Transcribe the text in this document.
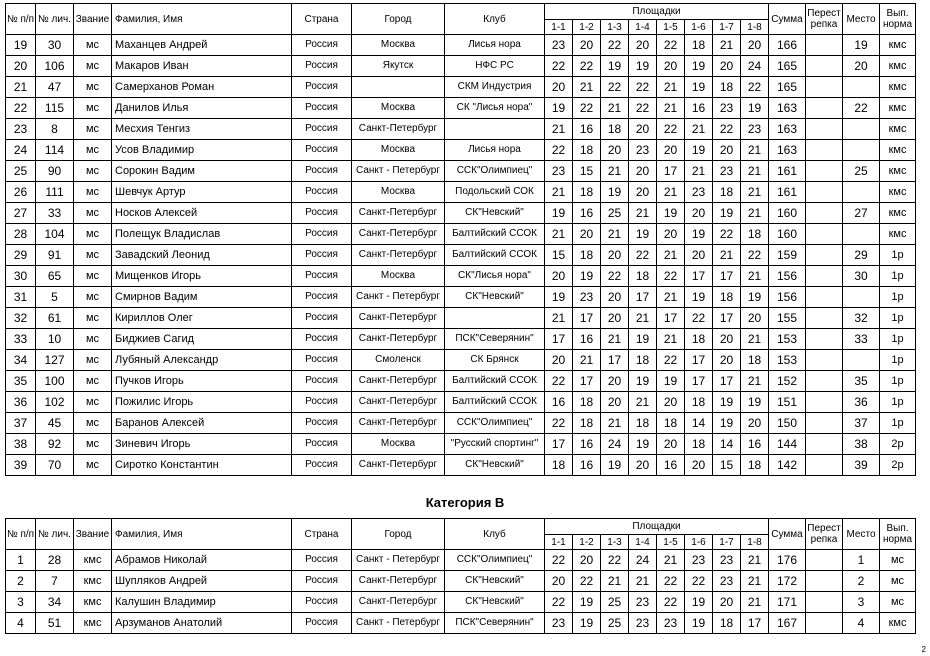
№ п/п	№ лич.	Звание	Фамилия, Имя	Страна	Город	Клуб	Площадки								Сумма	Перест репка	Место	Вып. норма
							1-1	1-2	1-3	1-4	1-5	1-6	1-7	1-8				
19	30	мс	Маханцев Андрей	Россия	Москва	Лисья нора	23	20	22	20	22	18	21	20	166		19	кмс
20	106	мс	Макаров Иван	Россия	Якутск	НФС РС	22	22	19	19	20	19	20	24	165		20	кмс
21	47	мс	Самерханов Роман	Россия		СКМ Индустрия	20	21	22	22	21	19	18	22	165			кмс
22	115	мс	Данилов Илья	Россия	Москва	СК "Лисья нора"	19	22	21	22	21	16	23	19	163		22	кмс
23	8	мс	Месхия Тенгиз	Россия	Санкт-Петербург		21	16	18	20	22	21	22	23	163			кмс
24	114	мс	Усов Владимир	Россия	Москва	Лисья нора	22	18	20	23	20	19	20	21	163			кмс
25	90	мс	Сорокин Вадим	Россия	Санкт - Петербург	ССК"Олимпиец"	23	15	21	20	17	21	23	21	161		25	кмс
26	111	мс	Шевчук Артур	Россия	Москва	Подольский СОК	21	18	19	20	21	23	18	21	161			кмс
27	33	мс	Носков Алексей	Россия	Санкт-Петербург	СК"Невский"	19	16	25	21	19	20	19	21	160		27	кмс
28	104	мс	Полещук Владислав	Россия	Санкт-Петербург	Балтийский ССОК	21	20	21	19	20	19	22	18	160			кмс
29	91	мс	Завадский Леонид	Россия	Санкт-Петербург	Балтийский ССОК	15	18	20	22	21	20	21	22	159		29	1р
30	65	мс	Мищенков Игорь	Россия	Москва	СК"Лисья нора"	20	19	22	18	22	17	17	21	156		30	1р
31	5	мс	Смирнов Вадим	Россия	Санкт - Петербург	СК"Невский"	19	23	20	17	21	19	18	19	156			1р
32	61	мс	Кириллов Олег	Россия	Санкт-Петербург		21	17	20	21	17	22	17	20	155		32	1р
33	10	мс	Биджиев Сагид	Россия	Санкт-Петербург	ПСК"Северянин"	17	16	21	19	21	18	20	21	153		33	1р
34	127	мс	Лубяный Александр	Россия	Смоленск	СК Брянск	20	21	17	18	22	17	20	18	153			1р
35	100	мс	Пучков Игорь	Россия	Санкт-Петербург	Балтийский ССОК	22	17	20	19	19	17	17	21	152		35	1р
36	102	мс	Пожилис Игорь	Россия	Санкт-Петербург	Балтийский ССОК	16	18	20	21	20	18	19	19	151		36	1р
37	45	мс	Баранов Алексей	Россия	Санкт-Петербург	ССК"Олимпиец"	22	18	21	18	18	14	19	20	150		37	1р
38	92	мс	Зиневич Игорь	Россия	Москва	"Русский спортинг"	17	16	24	19	20	18	14	16	144		38	2р
39	70	мс	Сиротко Константин	Россия	Санкт-Петербург	СК"Невский"	18	16	19	20	16	20	15	18	142		39	2р
Категория В
№ п/п	№ лич.	Звание	Фамилия, Имя	Страна	Город	Клуб	Площадки								Сумма	Перест репка	Место	Вып. норма
							1-1	1-2	1-3	1-4	1-5	1-6	1-7	1-8				
1	28	кмс	Абрамов Николай	Россия	Санкт - Петербург	ССК"Олимпиец"	22	20	22	24	21	23	23	21	176		1	мс
2	7	кмс	Шупляков Андрей	Россия	Санкт-Петербург	СК"Невский"	20	22	21	21	22	22	23	21	172		2	мс
3	34	кмс	Калушин Владимир	Россия	Санкт-Петербург	СК"Невский"	22	19	25	23	22	19	20	21	171		3	мс
4	51	кмс	Арзуманов Анатолий	Россия	Санкт - Петербург	ПСК"Северянин"	23	19	25	23	23	19	18	17	167		4	кмс
2
